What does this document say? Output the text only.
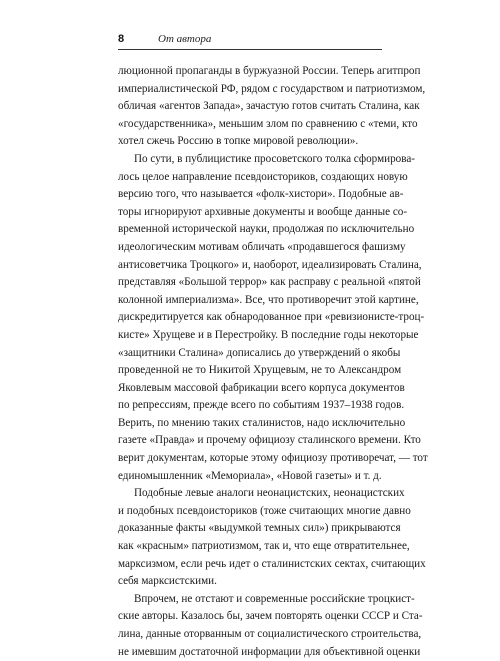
8	От автора
люционной пропаганды в буржуазной России. Теперь агитпроп
империалистической РФ, рядом с государством и патриотизмом,
обличая «агентов Запада», зачастую готов считать Сталина, как
«государственника», меньшим злом по сравнению с «теми, кто
хотел сжечь Россию в топке мировой революции».
По сути, в публицистике просоветского толка сформирова-
лось целое направление псевдоисториков, создающих новую
версию того, что называется «фолк-хистори». Подобные ав-
торы игнорируют архивные документы и вообще данные со-
временной исторической науки, продолжая по исключительно
идеологическим мотивам обличать «продавшегося фашизму
антисоветчика Троцкого» и, наоборот, идеализировать Сталина,
представляя «Большой террор» как расправу с реальной «пятой
колонной империализма». Все, что противоречит этой картине,
дискредитируется как обнародованное при «ревизионисте-троц-
кисте» Хрущеве и в Перестройку. В последние годы некоторые
«защитники Сталина» дописались до утверждений о якобы
проведенной не то Никитой Хрущевым, не то Александром
Яковлевым массовой фабрикации всего корпуса документов
по репрессиям, прежде всего по событиям 1937–1938 годов.
Верить, по мнению таких сталинистов, надо исключительно
газете «Правда» и прочему официозу сталинского времени. Кто
верит документам, которые этому официозу противоречат, — тот
единомышленник «Мемориала», «Новой газеты» и т. д.
Подобные левые аналоги неонацистских, неонацистских
и подобных псевдоисториков (тоже считающих многие давно
доказанные факты «выдумкой темных сил») прикрываются
как «красным» патриотизмом, так и, что еще отвратительнее,
марксизмом, если речь идет о сталинистских сектах, считающих
себя марксистскими.
Впрочем, не отстают и современные российские троцкист-
ские авторы. Казалось бы, зачем повторять оценки СССР и Ста-
лина, данные оторванным от социалистического строительства,
не имевшим достаточной информации для объективной оценки
